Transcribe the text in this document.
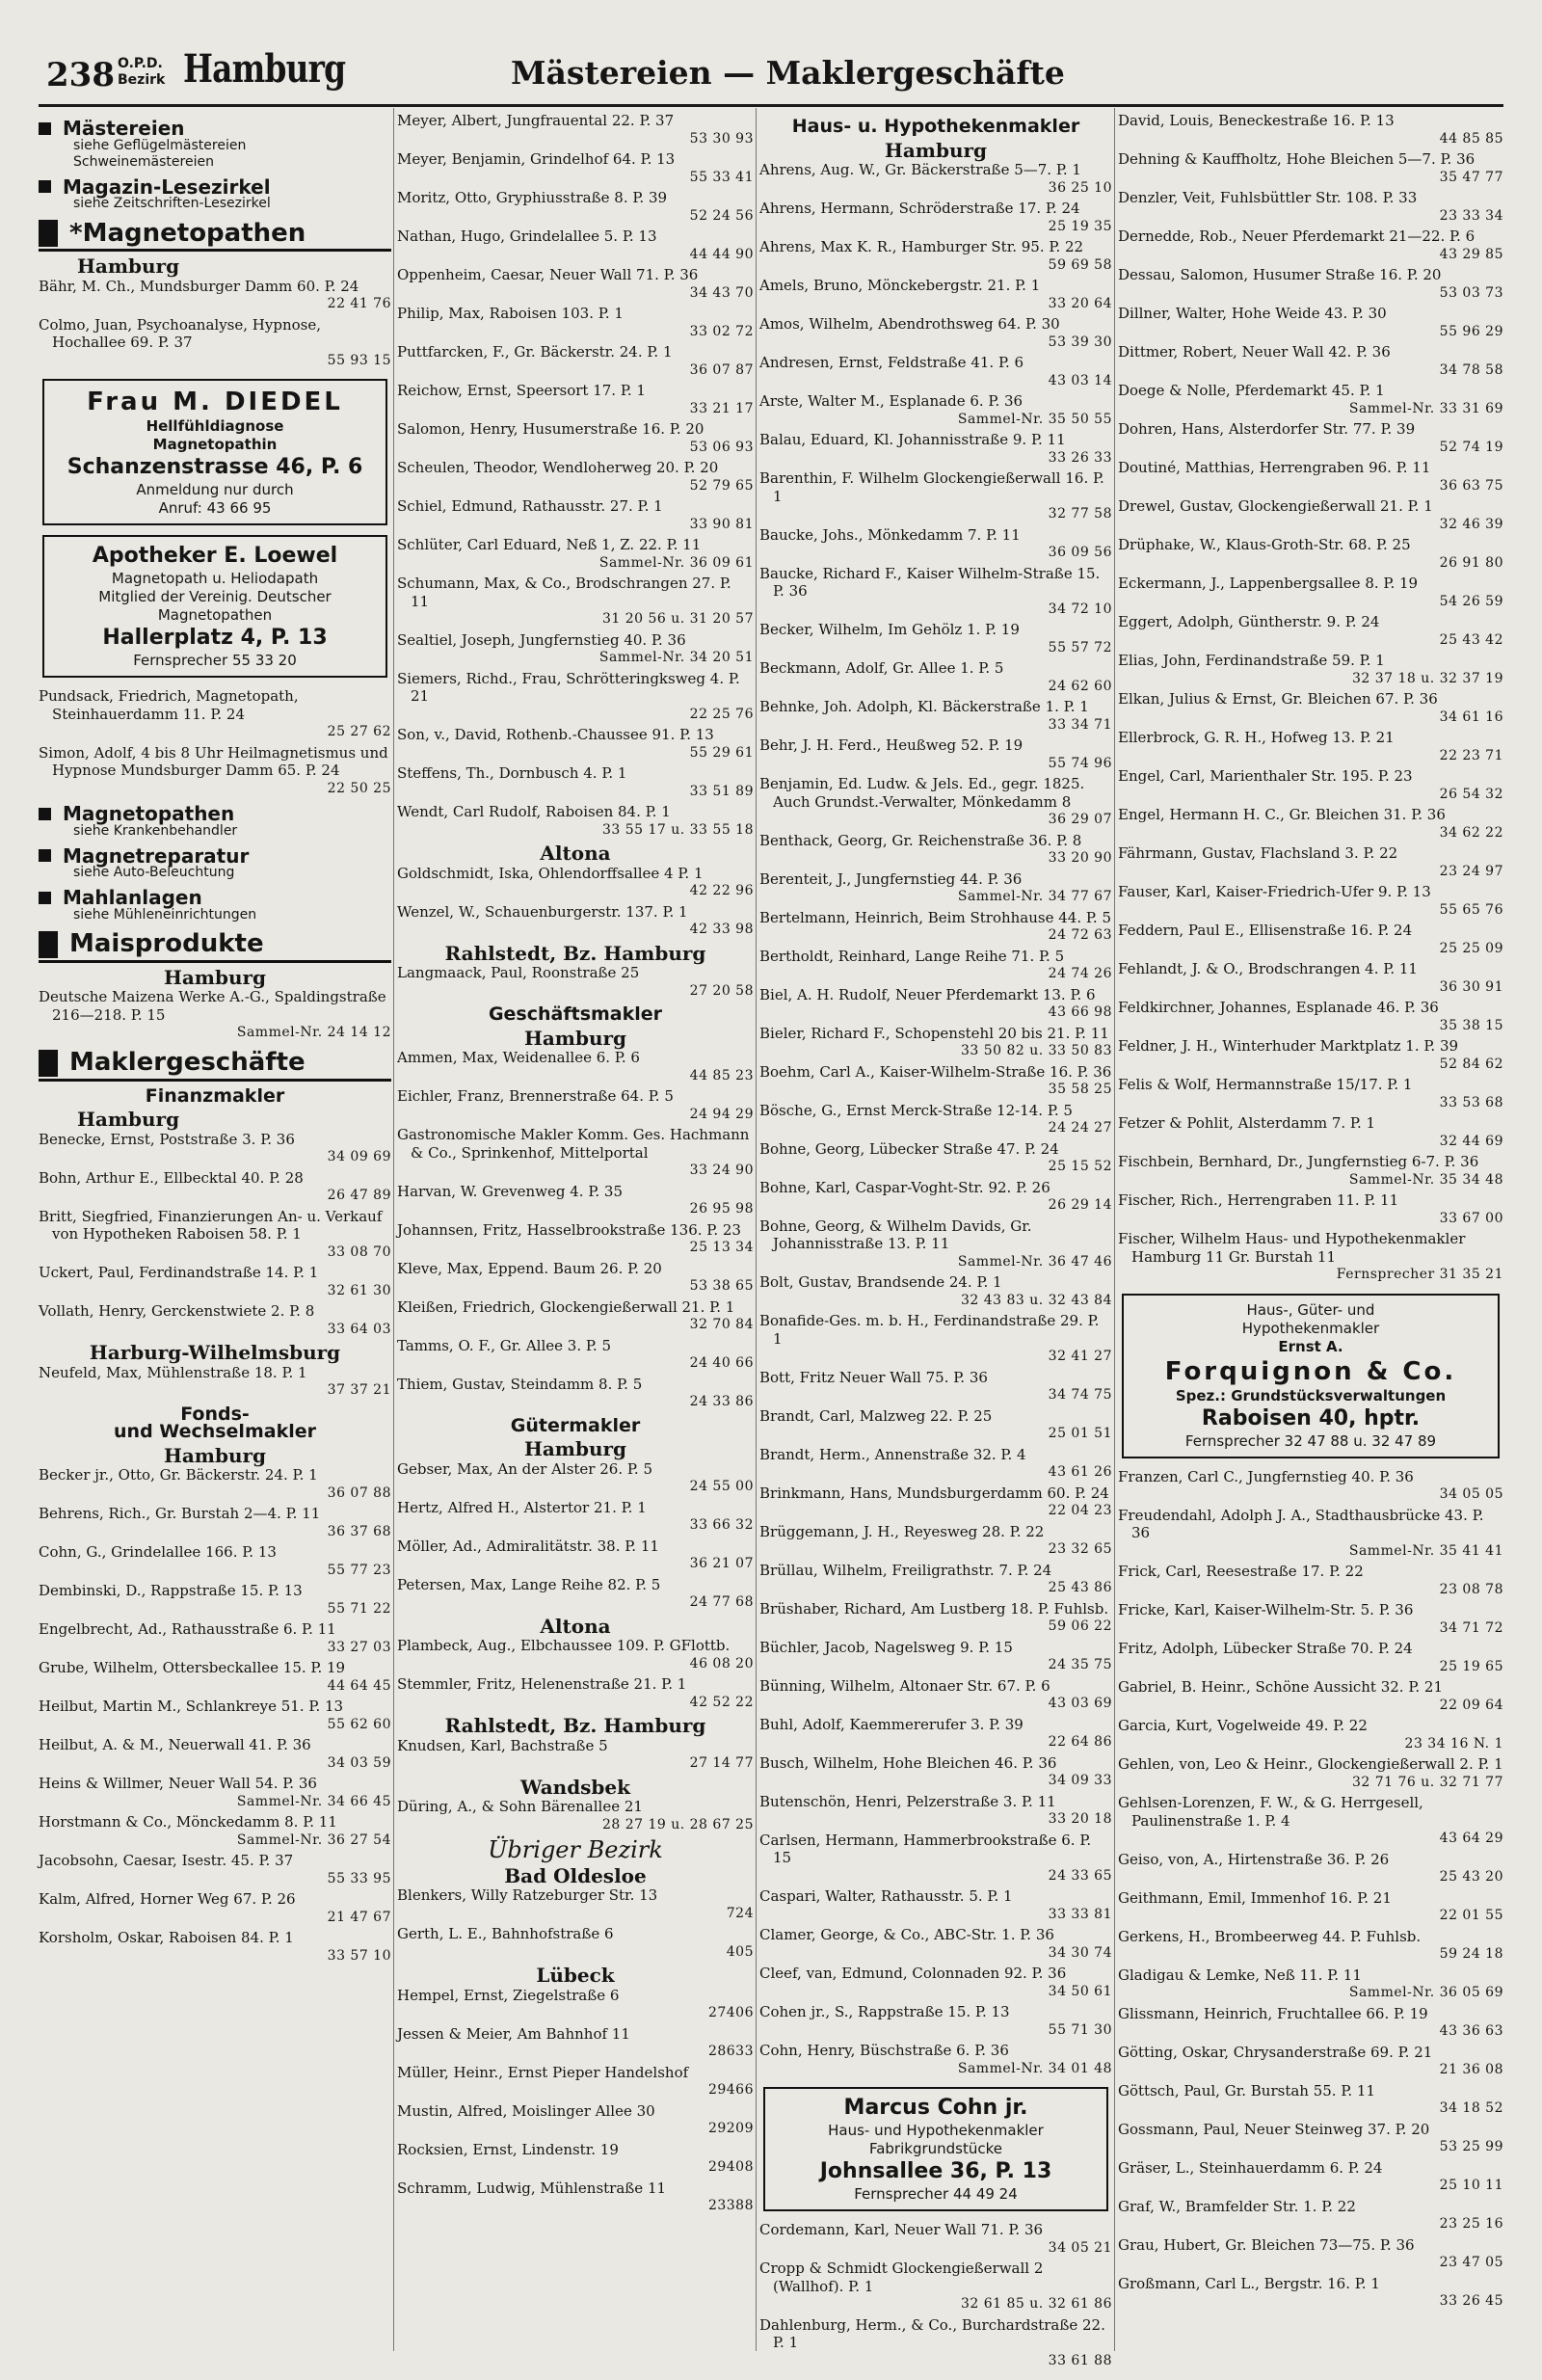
238 O.P.D.
Bezirk Hamburg	Mästereien — Maklergeschäfte
Mästereien
siehe Geflügelmästereien
Schweinemästereien
Magazin-Lesezirkel
siehe Zeitschriften-Lesezirkel
*Magnetopathen
Hamburg
Bähr, M. Ch., Mundsburger Damm 60. P. 24
22 41 76
Colmo, Juan, Psychoanalyse, Hypnose, Hochallee 69. P. 37
55 93 15
Frau M. DIEDEL
Hellfühldiagnose
Magnetopathin
Schanzenstrasse 46, P. 6
Anmeldung nur durch
Anruf: 43 66 95
Apotheker E. Loewel
Magnetopath u. Heliodapath
Mitglied der Vereinig. Deutscher
Magnetopathen
Hallerplatz 4, P. 13
Fernsprecher 55 33 20
Pundsack, Friedrich, Magnetopath, Steinhauerdamm 11. P. 24
25 27 62
Simon, Adolf, 4 bis 8 Uhr Heilmagnetismus und Hypnose Mundsburger Damm 65. P. 24
22 50 25
Magnetopathen
siehe Krankenbehandler
Magnetreparatur
siehe Auto-Beleuchtung
Mahlanlagen
siehe Mühleneinrichtungen
Maisprodukte
Hamburg
Deutsche Maizena Werke A.-G., Spaldingstraße 216—218. P. 15
Sammel-Nr. 24 14 12
Maklergeschäfte
Finanzmakler
Hamburg
Benecke, Ernst, Poststraße 3. P. 36
34 09 69
Bohn, Arthur E., Ellbecktal 40. P. 28
26 47 89
Britt, Siegfried, Finanzierungen An- u. Verkauf von Hypotheken Raboisen 58. P. 1
33 08 70
Uckert, Paul, Ferdinandstraße 14. P. 1
32 61 30
Vollath, Henry, Gerckenstwiete 2. P. 8
33 64 03
Harburg-Wilhelmsburg
Neufeld, Max, Mühlenstraße 18. P. 1
37 37 21
Fonds-
und Wechselmakler
Hamburg
Becker jr., Otto, Gr. Bäckerstr. 24. P. 1
36 07 88
Behrens, Rich., Gr. Burstah 2—4. P. 11
36 37 68
Cohn, G., Grindelallee 166. P. 13
55 77 23
Dembinski, D., Rappstraße 15. P. 13
55 71 22
Engelbrecht, Ad., Rathausstraße 6. P. 11
33 27 03
Grube, Wilhelm, Ottersbeckallee 15. P. 19
44 64 45
Heilbut, Martin M., Schlankreye 51. P. 13
55 62 60
Heilbut, A. & M., Neuerwall 41. P. 36
34 03 59
Heins & Willmer, Neuer Wall 54. P. 36
Sammel-Nr. 34 66 45
Horstmann & Co., Mönckedamm 8. P. 11
Sammel-Nr. 36 27 54
Jacobsohn, Caesar, Isestr. 45. P. 37
55 33 95
Kalm, Alfred, Horner Weg 67. P. 26
21 47 67
Korsholm, Oskar, Raboisen 84. P. 1
33 57 10
Meyer, Albert, Jungfrauental 22. P. 37
53 30 93
Meyer, Benjamin, Grindelhof 64. P. 13
55 33 41
Moritz, Otto, Gryphiusstraße 8. P. 39
52 24 56
Nathan, Hugo, Grindelallee 5. P. 13
44 44 90
Oppenheim, Caesar, Neuer Wall 71. P. 36
34 43 70
Philip, Max, Raboisen 103. P. 1
33 02 72
Puttfarcken, F., Gr. Bäckerstr. 24. P. 1
36 07 87
Reichow, Ernst, Speersort 17. P. 1
33 21 17
Salomon, Henry, Husumerstraße 16. P. 20
53 06 93
Scheulen, Theodor, Wendloherweg 20. P. 20
52 79 65
Schiel, Edmund, Rathausstr. 27. P. 1
33 90 81
Schlüter, Carl Eduard, Neß 1, Z. 22. P. 11
Sammel-Nr. 36 09 61
Schumann, Max, & Co., Brodschrangen 27. P. 11
31 20 56 u. 31 20 57
Sealtiel, Joseph, Jungfernstieg 40. P. 36
Sammel-Nr. 34 20 51
Siemers, Richd., Frau, Schrötteringksweg 4. P. 21
22 25 76
Son, v., David, Rothenb.-Chaussee 91. P. 13
55 29 61
Steffens, Th., Dornbusch 4. P. 1
33 51 89
Wendt, Carl Rudolf, Raboisen 84. P. 1
33 55 17 u. 33 55 18
Altona
Goldschmidt, Iska, Ohlendorffsallee 4 P. 1
42 22 96
Wenzel, W., Schauenburgerstr. 137. P. 1
42 33 98
Rahlstedt, Bz. Hamburg
Langmaack, Paul, Roonstraße 25
27 20 58
Geschäftsmakler
Hamburg
Ammen, Max, Weidenallee 6. P. 6
44 85 23
Eichler, Franz, Brennerstraße 64. P. 5
24 94 29
Gastronomische Makler Komm. Ges. Hachmann & Co., Sprinkenhof, Mittelportal
33 24 90
Harvan, W. Grevenweg 4. P. 35
26 95 98
Johannsen, Fritz, Hasselbrookstraße 136. P. 23
25 13 34
Kleve, Max, Eppend. Baum 26. P. 20
53 38 65
Kleißen, Friedrich, Glockengießerwall 21. P. 1
32 70 84
Tamms, O. F., Gr. Allee 3. P. 5
24 40 66
Thiem, Gustav, Steindamm 8. P. 5
24 33 86
Gütermakler
Hamburg
Gebser, Max, An der Alster 26. P. 5
24 55 00
Hertz, Alfred H., Alstertor 21. P. 1
33 66 32
Möller, Ad., Admiralitätstr. 38. P. 11
36 21 07
Petersen, Max, Lange Reihe 82. P. 5
24 77 68
Altona
Plambeck, Aug., Elbchaussee 109. P. GFlottb.
46 08 20
Stemmler, Fritz, Helenenstraße 21. P. 1
42 52 22
Rahlstedt, Bz. Hamburg
Knudsen, Karl, Bachstraße 5
27 14 77
Wandsbek
Düring, A., & Sohn Bärenallee 21
28 27 19 u. 28 67 25
Übriger Bezirk
Bad Oldesloe
Blenkers, Willy Ratzeburger Str. 13
724
Gerth, L. E., Bahnhofstraße 6
405
Lübeck
Hempel, Ernst, Ziegelstraße 6
27406
Jessen & Meier, Am Bahnhof 11
28633
Müller, Heinr., Ernst Pieper Handelshof
29466
Mustin, Alfred, Moislinger Allee 30
29209
Rocksien, Ernst, Lindenstr. 19
29408
Schramm, Ludwig, Mühlenstraße 11
23388
Haus- u. Hypothekenmakler
Hamburg
Ahrens, Aug. W., Gr. Bäckerstraße 5—7. P. 1
36 25 10
Ahrens, Hermann, Schröderstraße 17. P. 24
25 19 35
Ahrens, Max K. R., Hamburger Str. 95. P. 22
59 69 58
Amels, Bruno, Mönckebergstr. 21. P. 1
33 20 64
Amos, Wilhelm, Abendrothsweg 64. P. 30
53 39 30
Andresen, Ernst, Feldstraße 41. P. 6
43 03 14
Arste, Walter M., Esplanade 6. P. 36
Sammel-Nr. 35 50 55
Balau, Eduard, Kl. Johannisstraße 9. P. 11
33 26 33
Barenthin, F. Wilhelm Glockengießerwall 16. P. 1
32 77 58
Baucke, Johs., Mönkedamm 7. P. 11
36 09 56
Baucke, Richard F., Kaiser Wilhelm-Straße 15. P. 36
34 72 10
Becker, Wilhelm, Im Gehölz 1. P. 19
55 57 72
Beckmann, Adolf, Gr. Allee 1. P. 5
24 62 60
Behnke, Joh. Adolph, Kl. Bäckerstraße 1. P. 1
33 34 71
Behr, J. H. Ferd., Heußweg 52. P. 19
55 74 96
Benjamin, Ed. Ludw. & Jels. Ed., gegr. 1825. Auch Grundst.-Verwalter, Mönkedamm 8
36 29 07
Benthack, Georg, Gr. Reichenstraße 36. P. 8
33 20 90
Berenteit, J., Jungfernstieg 44. P. 36
Sammel-Nr. 34 77 67
Bertelmann, Heinrich, Beim Strohhause 44. P. 5
24 72 63
Bertholdt, Reinhard, Lange Reihe 71. P. 5
24 74 26
Biel, A. H. Rudolf, Neuer Pferdemarkt 13. P. 6
43 66 98
Bieler, Richard F., Schopenstehl 20 bis 21. P. 11
33 50 82 u. 33 50 83
Boehm, Carl A., Kaiser-Wilhelm-Straße 16. P. 36
35 58 25
Bösche, G., Ernst Merck-Straße 12-14. P. 5
24 24 27
Bohne, Georg, Lübecker Straße 47. P. 24
25 15 52
Bohne, Karl, Caspar-Voght-Str. 92. P. 26
26 29 14
Bohne, Georg, & Wilhelm Davids, Gr. Johannisstraße 13. P. 11
Sammel-Nr. 36 47 46
Bolt, Gustav, Brandsende 24. P. 1
32 43 83 u. 32 43 84
Bonafide-Ges. m. b. H., Ferdinandstraße 29. P. 1
32 41 27
Bott, Fritz Neuer Wall 75. P. 36
34 74 75
Brandt, Carl, Malzweg 22. P. 25
25 01 51
Brandt, Herm., Annenstraße 32. P. 4
43 61 26
Brinkmann, Hans, Mundsburgerdamm 60. P. 24
22 04 23
Brüggemann, J. H., Reyesweg 28. P. 22
23 32 65
Brüllau, Wilhelm, Freiligrathstr. 7. P. 24
25 43 86
Brüshaber, Richard, Am Lustberg 18. P. Fuhlsb.
59 06 22
Büchler, Jacob, Nagelsweg 9. P. 15
24 35 75
Bünning, Wilhelm, Altonaer Str. 67. P. 6
43 03 69
Buhl, Adolf, Kaemmererufer 3. P. 39
22 64 86
Busch, Wilhelm, Hohe Bleichen 46. P. 36
34 09 33
Butenschön, Henri, Pelzerstraße 3. P. 11
33 20 18
Carlsen, Hermann, Hammerbrookstraße 6. P. 15
24 33 65
Caspari, Walter, Rathausstr. 5. P. 1
33 33 81
Clamer, George, & Co., ABC-Str. 1. P. 36
34 30 74
Cleef, van, Edmund, Colonnaden 92. P. 36
34 50 61
Cohen jr., S., Rappstraße 15. P. 13
55 71 30
Cohn, Henry, Büschstraße 6. P. 36
Sammel-Nr. 34 01 48
Marcus Cohn jr.
Haus- und Hypothekenmakler
Fabrikgrundstücke
Johnsallee 36, P. 13
Fernsprecher 44 49 24
Cordemann, Karl, Neuer Wall 71. P. 36
34 05 21
Cropp & Schmidt Glockengießerwall 2 (Wallhof). P. 1
32 61 85 u. 32 61 86
Dahlenburg, Herm., & Co., Burchardstraße 22. P. 1
33 61 88
David, Louis, Beneckestraße 16. P. 13
44 85 85
Dehning & Kauffholtz, Hohe Bleichen 5—7. P. 36
35 47 77
Denzler, Veit, Fuhlsbüttler Str. 108. P. 33
23 33 34
Dernedde, Rob., Neuer Pferdemarkt 21—22. P. 6
43 29 85
Dessau, Salomon, Husumer Straße 16. P. 20
53 03 73
Dillner, Walter, Hohe Weide 43. P. 30
55 96 29
Dittmer, Robert, Neuer Wall 42. P. 36
34 78 58
Doege & Nolle, Pferdemarkt 45. P. 1
Sammel-Nr. 33 31 69
Dohren, Hans, Alsterdorfer Str. 77. P. 39
52 74 19
Doutiné, Matthias, Herrengraben 96. P. 11
36 63 75
Drewel, Gustav, Glockengießerwall 21. P. 1
32 46 39
Drüphake, W., Klaus-Groth-Str. 68. P. 25
26 91 80
Eckermann, J., Lappenbergsallee 8. P. 19
54 26 59
Eggert, Adolph, Güntherstr. 9. P. 24
25 43 42
Elias, John, Ferdinandstraße 59. P. 1
32 37 18 u. 32 37 19
Elkan, Julius & Ernst, Gr. Bleichen 67. P. 36
34 61 16
Ellerbrock, G. R. H., Hofweg 13. P. 21
22 23 71
Engel, Carl, Marienthaler Str. 195. P. 23
26 54 32
Engel, Hermann H. C., Gr. Bleichen 31. P. 36
34 62 22
Fährmann, Gustav, Flachsland 3. P. 22
23 24 97
Fauser, Karl, Kaiser-Friedrich-Ufer 9. P. 13
55 65 76
Feddern, Paul E., Ellisenstraße 16. P. 24
25 25 09
Fehlandt, J. & O., Brodschrangen 4. P. 11
36 30 91
Feldkirchner, Johannes, Esplanade 46. P. 36
35 38 15
Feldner, J. H., Winterhuder Marktplatz 1. P. 39
52 84 62
Felis & Wolf, Hermannstraße 15/17. P. 1
33 53 68
Fetzer & Pohlit, Alsterdamm 7. P. 1
32 44 69
Fischbein, Bernhard, Dr., Jungfernstieg 6-7. P. 36
Sammel-Nr. 35 34 48
Fischer, Rich., Herrengraben 11. P. 11
33 67 00
Fischer, Wilhelm Haus- und Hypothekenmakler Hamburg 11 Gr. Burstah 11
Fernsprecher 31 35 21
Haus-, Güter- und
Hypothekenmakler
Ernst A.
Forquignon & Co.
Spez.: Grundstücksverwaltungen
Raboisen 40, hptr.
Fernsprecher 32 47 88 u. 32 47 89
Franzen, Carl C., Jungfernstieg 40. P. 36
34 05 05
Freudendahl, Adolph J. A., Stadthausbrücke 43. P. 36
Sammel-Nr. 35 41 41
Frick, Carl, Reesestraße 17. P. 22
23 08 78
Fricke, Karl, Kaiser-Wilhelm-Str. 5. P. 36
34 71 72
Fritz, Adolph, Lübecker Straße 70. P. 24
25 19 65
Gabriel, B. Heinr., Schöne Aussicht 32. P. 21
22 09 64
Garcia, Kurt, Vogelweide 49. P. 22
23 34 16 N. 1
Gehlen, von, Leo & Heinr., Glockengießerwall 2. P. 1
32 71 76 u. 32 71 77
Gehlsen-Lorenzen, F. W., & G. Herrgesell, Paulinenstraße 1. P. 4
43 64 29
Geiso, von, A., Hirtenstraße 36. P. 26
25 43 20
Geithmann, Emil, Immenhof 16. P. 21
22 01 55
Gerkens, H., Brombeerweg 44. P. Fuhlsb.
59 24 18
Gladigau & Lemke, Neß 11. P. 11
Sammel-Nr. 36 05 69
Glissmann, Heinrich, Fruchtallee 66. P. 19
43 36 63
Götting, Oskar, Chrysanderstraße 69. P. 21
21 36 08
Göttsch, Paul, Gr. Burstah 55. P. 11
34 18 52
Gossmann, Paul, Neuer Steinweg 37. P. 20
53 25 99
Gräser, L., Steinhauerdamm 6. P. 24
25 10 11
Graf, W., Bramfelder Str. 1. P. 22
23 25 16
Grau, Hubert, Gr. Bleichen 73—75. P. 36
23 47 05
Großmann, Carl L., Bergstr. 16. P. 1
33 26 45
